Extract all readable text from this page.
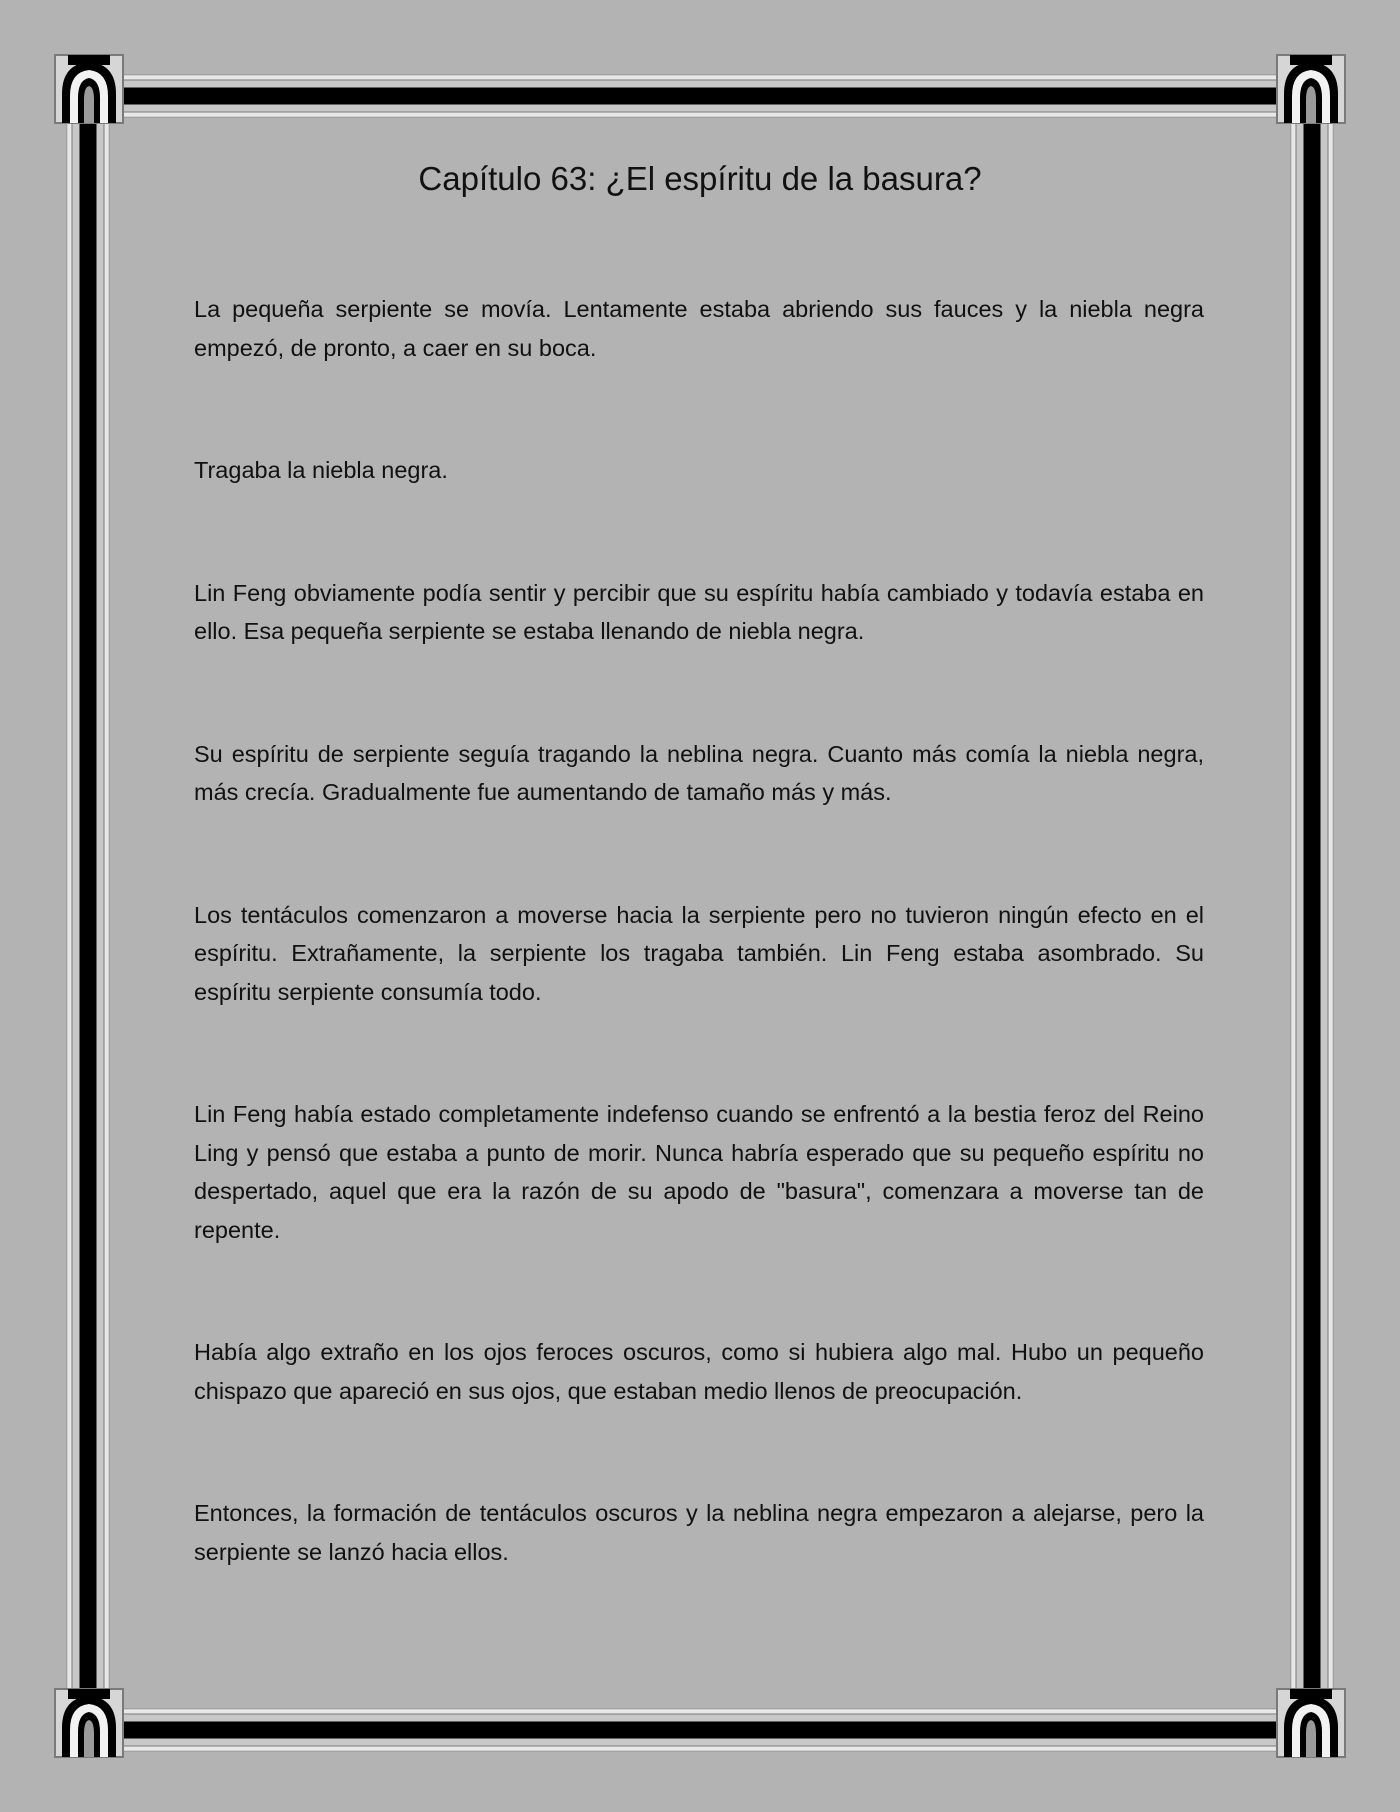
Capítulo 63: ¿El espíritu de la basura?

La pequeña serpiente se movía. Lentamente estaba abriendo sus fauces y la niebla negra empezó, de pronto, a caer en su boca.

Tragaba la niebla negra.

Lin Feng obviamente podía sentir y percibir que su espíritu había cambiado y todavía estaba en ello. Esa pequeña serpiente se estaba llenando de niebla negra.

Su espíritu de serpiente seguía tragando la neblina negra. Cuanto más comía la niebla negra, más crecía. Gradualmente fue aumentando de tamaño más y más.

Los tentáculos comenzaron a moverse hacia la serpiente pero no tuvieron ningún efecto en el espíritu. Extrañamente, la serpiente los tragaba también. Lin Feng estaba asombrado. Su espíritu serpiente consumía todo.

Lin Feng había estado completamente indefenso cuando se enfrentó a la bestia feroz del Reino Ling y pensó que estaba a punto de morir. Nunca habría esperado que su pequeño espíritu no despertado, aquel que era la razón de su apodo de "basura", comenzara a moverse tan de repente.

Había algo extraño en los ojos feroces oscuros, como si hubiera algo mal. Hubo un pequeño chispazo que apareció en sus ojos, que estaban medio llenos de preocupación.

Entonces, la formación de tentáculos oscuros y la neblina negra empezaron a alejarse, pero la serpiente se lanzó hacia ellos.
